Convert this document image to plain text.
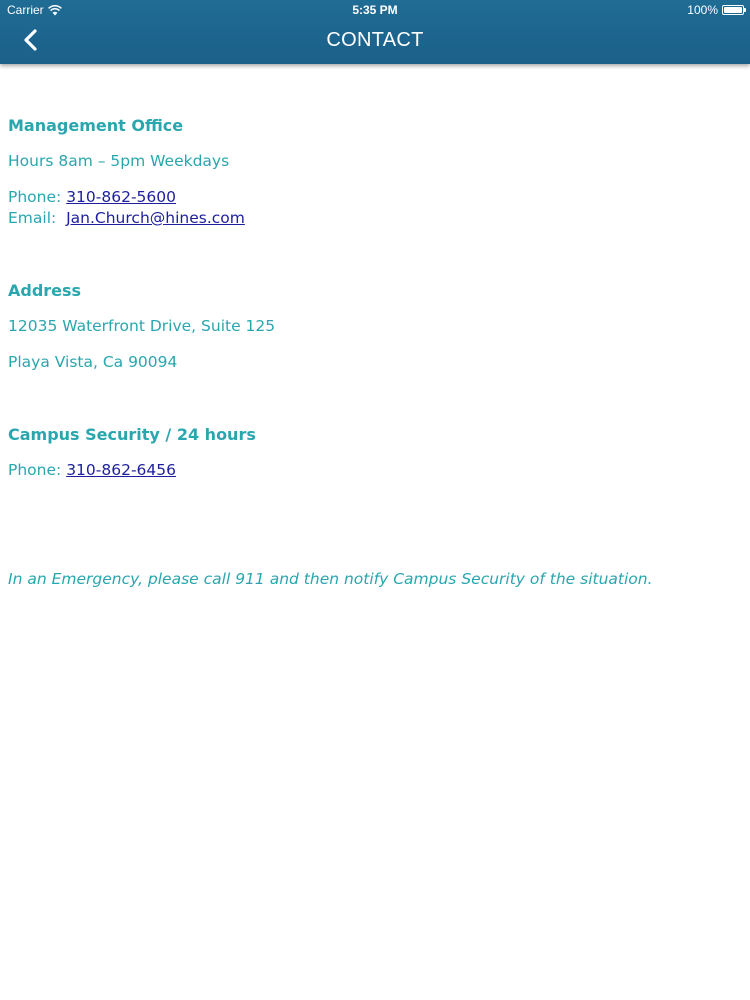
Carrier	5:35 PM	100%
CONTACT
Management Office
Hours 8am – 5pm Weekdays
Phone: 310-862-5600
Email: Jan.Church@hines.com
Address
12035 Waterfront Drive, Suite 125
Playa Vista, Ca 90094
Campus Security / 24 hours
Phone: 310-862-6456
In an Emergency, please call 911 and then notify Campus Security of the situation.
